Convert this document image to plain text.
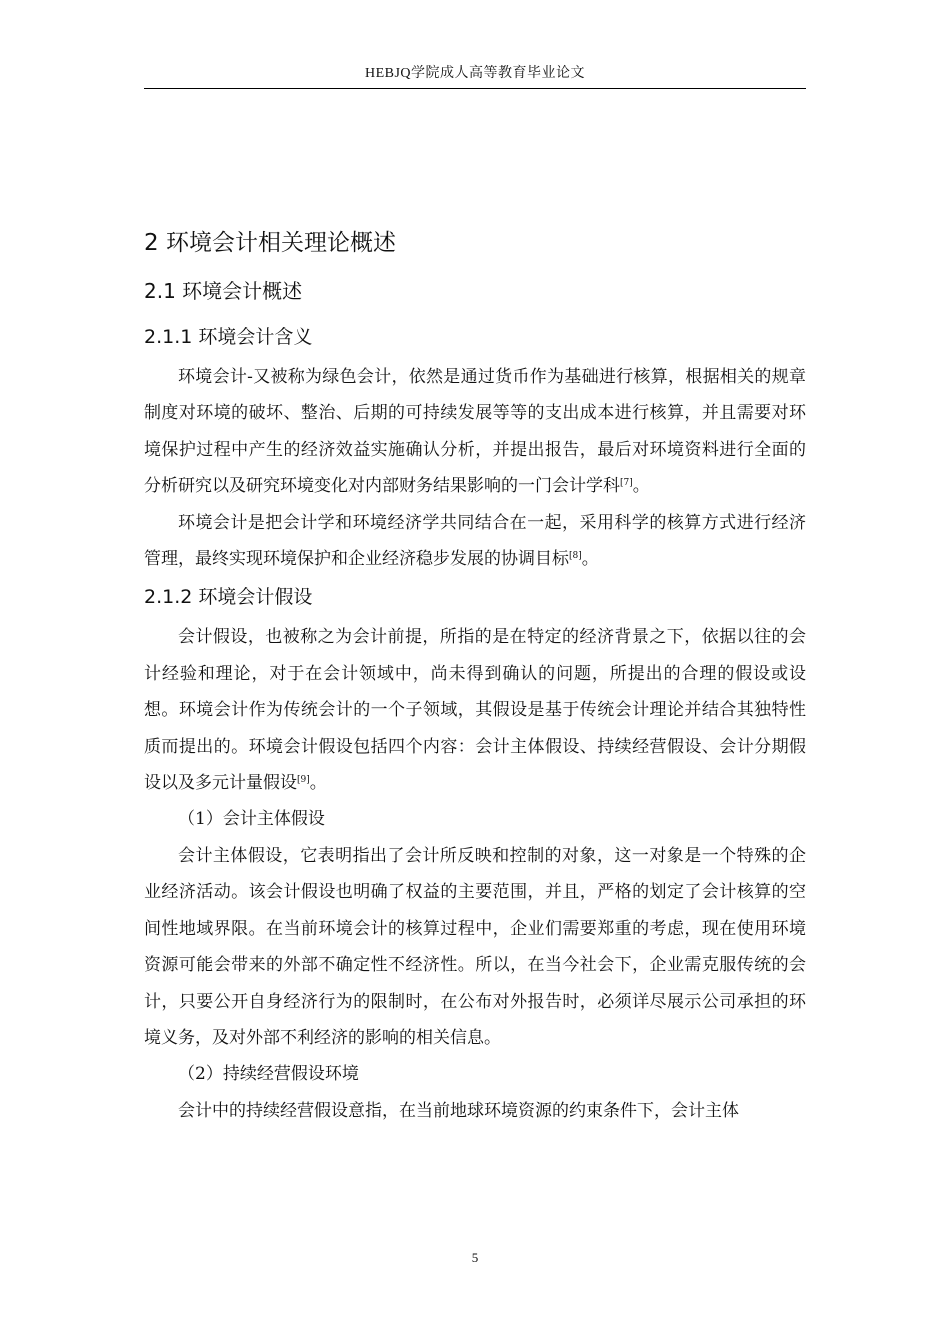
HEBJQ学院成人高等教育毕业论文
2 环境会计相关理论概述
2.1 环境会计概述
2.1.1 环境会计含义

环境会计-又被称为绿色会计，依然是通过货币作为基础进行核算，根据相关的规章制度对环境的破坏、整治、后期的可持续发展等等的支出成本进行核算，并且需要对环境保护过程中产生的经济效益实施确认分析，并提出报告，最后对环境资料进行全面的分析研究以及研究环境变化对内部财务结果影响的一门会计学科[7]。

环境会计是把会计学和环境经济学共同结合在一起，采用科学的核算方式进行经济管理，最终实现环境保护和企业经济稳步发展的协调目标[8]。

2.1.2 环境会计假设

会计假设，也被称之为会计前提，所指的是在特定的经济背景之下，依据以往的会计经验和理论，对于在会计领域中，尚未得到确认的问题，所提出的合理的假设或设想。环境会计作为传统会计的一个子领域，其假设是基于传统会计理论并结合其独特性质而提出的。环境会计假设包括四个内容：会计主体假设、持续经营假设、会计分期假设以及多元计量假设[9]。

（1）会计主体假设

会计主体假设，它表明指出了会计所反映和控制的对象，这一对象是一个特殊的企业经济活动。该会计假设也明确了权益的主要范围，并且，严格的划定了会计核算的空间性地域界限。在当前环境会计的核算过程中，企业们需要郑重的考虑，现在使用环境资源可能会带来的外部不确定性不经济性。所以，在当今社会下，企业需克服传统的会计，只要公开自身经济行为的限制时，在公布对外报告时，必须详尽展示公司承担的环境义务，及对外部不利经济的影响的相关信息。

（2）持续经营假设环境

会计中的持续经营假设意指，在当前地球环境资源的约束条件下，会计主体

5
